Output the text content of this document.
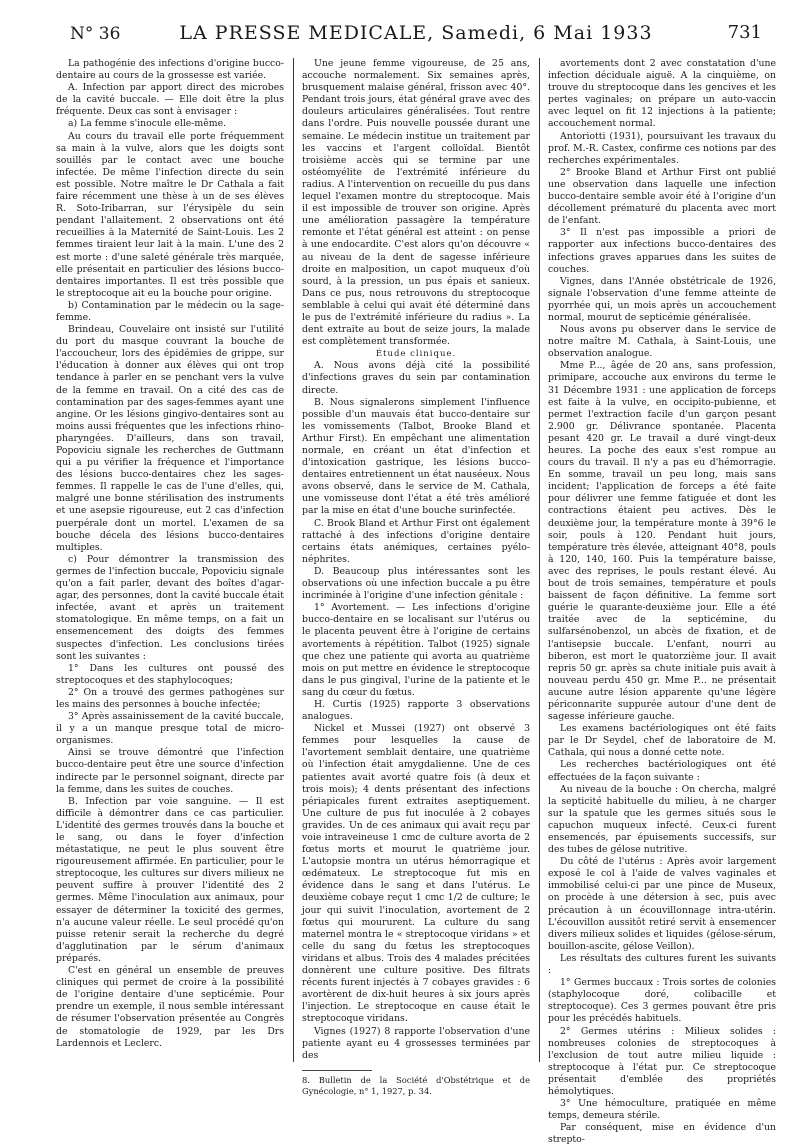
N° 36	LA PRESSE MEDICALE, Samedi, 6 Mai 1933	731

La pathogénie des infections d'origine bucco-dentaire au cours de la grossesse est variée.

A. Infection par apport direct des microbes de la cavité buccale. — Elle doit être la plus fréquente. Deux cas sont à envisager :

a) La femme s'inocule elle-même.

Au cours du travail elle porte fréquemment sa main à la vulve, alors que les doigts sont souillés par le contact avec une bouche infectée. De même l'infection directe du sein est possible. Notre maître le Dr Cathala a fait faire récemment une thèse à un de ses élèves R. Soto-Iribarran, sur l'érysipèle du sein pendant l'allaitement. 2 observations ont été recueillies à la Maternité de Saint-Louis. Les 2 femmes tiraient leur lait à la main. L'une des 2 est morte : d'une saleté générale très marquée, elle présentait en particulier des lésions bucco-dentaires importantes. Il est très possible que le streptocoque ait eu la bouche pour origine.

b) Contamination par le médecin ou la sage-femme.

Brindeau, Couvelaire ont insisté sur l'utilité du port du masque couvrant la bouche de l'accoucheur, lors des épidémies de grippe, sur l'éducation à donner aux élèves qui ont trop tendance à parler en se penchant vers la vulve de la femme en travail. On a cité des cas de contamination par des sages-femmes ayant une angine. Or les lésions gingivo-dentaires sont au moins aussi fréquentes que les infections rhino-pharyngées. D'ailleurs, dans son travail, Popoviciu signale les recherches de Guttmann qui a pu vérifier la fréquence et l'importance des lésions bucco-dentaires chez les sages-femmes. Il rappelle le cas de l'une d'elles, qui, malgré une bonne stérilisation des instruments et une asepsie rigoureuse, eut 2 cas d'infection puerpérale dont un mortel. L'examen de sa bouche décela des lésions bucco-dentaires multiples.

c) Pour démontrer la transmission des germes de l'infection buccale, Popoviciu signale qu'on a fait parler, devant des boîtes d'agar-agar, des personnes, dont la cavité buccale était infectée, avant et après un traitement stomatologique. En même temps, on a fait un ensemencement des doigts des femmes suspectes d'infection. Les conclusions tirées sont les suivantes :

1° Dans les cultures ont poussé des streptocoques et des staphylocoques;

2° On a trouvé des germes pathogènes sur les mains des personnes à bouche infectée;

3° Après assainissement de la cavité buccale, il y a un manque presque total de micro-organismes.

Ainsi se trouve démontré que l'infection bucco-dentaire peut être une source d'infection indirecte par le personnel soignant, directe par la femme, dans les suites de couches.

B. Infection par voie sanguine. — Il est difficile à démontrer dans ce cas particulier. L'identité des germes trouvés dans la bouche et le sang, ou dans le foyer d'infection métastatique, ne peut le plus souvent être rigoureusement affirmée. En particulier, pour le streptocoque, les cultures sur divers milieux ne peuvent suffire à prouver l'identité des 2 germes. Même l'inoculation aux animaux, pour essayer de déterminer la toxicité des germes, n'a aucune valeur réelle. Le seul procédé qu'on puisse retenir serait la recherche du degré d'agglutination par le sérum d'animaux préparés.

C'est en général un ensemble de preuves cliniques qui permet de croire à la possibilité de l'origine dentaire d'une septicémie. Pour prendre un exemple, il nous semble intéressant de résumer l'observation présentée au Congrès de stomatologie de 1929, par les Drs Lardennois et Leclerc.

Une jeune femme vigoureuse, de 25 ans, accouche normalement. Six semaines après, brusquement malaise général, frisson avec 40°. Pendant trois jours, état général grave avec des douleurs articulaires généralisées. Tout rentre dans l'ordre. Puis nouvelle poussée durant une semaine. Le médecin institue un traitement par les vaccins et l'argent colloïdal. Bientôt troisième accès qui se termine par une ostéomyélite de l'extrémité inférieure du radius. A l'intervention on recueille du pus dans lequel l'examen montre du streptocoque. Mais il est impossible de trouver son origine. Après une amélioration passagère la température remonte et l'état général est atteint : on pense à une endocardite. C'est alors qu'on découvre « au niveau de la dent de sagesse inférieure droite en malposition, un capot muqueux d'où sourd, à la pression, un pus épais et sanieux. Dans ce pus, nous retrouvons du streptocoque semblable à celui qui avait été déterminé dans le pus de l'extrémité inférieure du radius ». La dent extraite au bout de seize jours, la malade est complètement transformée.

Étude clinique.

A. Nous avons déjà cité la possibilité d'infections graves du sein par contamination directe.

B. Nous signalerons simplement l'influence possible d'un mauvais état bucco-dentaire sur les vomissements (Talbot, Brooke Bland et Arthur First). En empêchant une alimentation normale, en créant un état d'infection et d'intoxication gastrique, les lésions bucco-dentaires entretiennent un état nauséeux. Nous avons observé, dans le service de M. Cathala, une vomisseuse dont l'état a été très amélioré par la mise en état d'une bouche surinfectée.

C. Brook Bland et Arthur First ont également rattaché à des infections d'origine dentaire certains états anémiques, certaines pyélo-néphrites.

D. Beaucoup plus intéressantes sont les observations où une infection buccale a pu être incriminée à l'origine d'une infection génitale :

1° Avortement. — Les infections d'origine bucco-dentaire en se localisant sur l'utérus ou le placenta peuvent être à l'origine de certains avortements à répétition. Talbot (1925) signale que chez une patiente qui avorta au quatrième mois on put mettre en évidence le streptocoque dans le pus gingival, l'urine de la patiente et le sang du cœur du fœtus.

H. Curtis (1925) rapporte 3 observations analogues.

Nickel et Mussei (1927) ont observé 3 femmes pour lesquelles la cause de l'avortement semblait dentaire, une quatrième où l'infection était amygdalienne. Une de ces patientes avait avorté quatre fois (à deux et trois mois); 4 dents présentant des infections périapicales furent extraites aseptiquement. Une culture de pus fut inoculée à 2 cobayes gravides. Un de ces animaux qui avait reçu par voie intraveineuse 1 cmc de culture avorta de 2 fœtus morts et mourut le quatrième jour. L'autopsie montra un utérus hémorragique et œdémateux. Le streptocoque fut mis en évidence dans le sang et dans l'utérus. Le deuxième cobaye reçut 1 cmc 1/2 de culture; le jour qui suivit l'inoculation, avortement de 2 fœtus qui moururent. La culture du sang maternel montra le « streptocoque viridans » et celle du sang du fœtus les streptocoques viridans et albus. Trois des 4 malades précitées donnèrent une culture positive. Des filtrats récents furent injectés à 7 cobayes gravides : 6 avortèrent de dix-huit heures à six jours après l'injection. Le streptocoque en cause était le streptocoque viridans.

Vignes (1927) 8 rapporte l'observation d'une patiente ayant eu 4 grossesses terminées par des

8. Bulletin de la Société d'Obstétrique et de Gynécologie, n° 1, 1927, p. 34.

avortements dont 2 avec constatation d'une infection déciduale aiguë. A la cinquième, on trouve du streptocoque dans les gencives et les pertes vaginales; on prépare un auto-vaccin avec lequel on fit 12 injections à la patiente; accouchement normal.

Antoriotti (1931), poursuivant les travaux du prof. M.-R. Castex, confirme ces notions par des recherches expérimentales.

2° Brooke Bland et Arthur First ont publié une observation dans laquelle une infection bucco-dentaire semble avoir été à l'origine d'un décollement prématuré du placenta avec mort de l'enfant.

3° Il n'est pas impossible a priori de rapporter aux infections bucco-dentaires des infections graves apparues dans les suites de couches.

Vignes, dans l'Année obstétricale de 1926, signale l'observation d'une femme atteinte de pyorrhée qui, un mois après un accouchement normal, mourut de septicémie généralisée.

Nous avons pu observer dans le service de notre maître M. Cathala, à Saint-Louis, une observation analogue.

Mme P..., âgée de 20 ans, sans profession, primipare, accouche aux environs du terme le 31 Décembre 1931 : une application de forceps est faite à la vulve, en occipito-pubienne, et permet l'extraction facile d'un garçon pesant 2.900 gr. Délivrance spontanée. Placenta pesant 420 gr. Le travail a duré vingt-deux heures. La poche des eaux s'est rompue au cours du travail. Il n'y a pas eu d'hémorragie. En somme, travail un peu long, mais sans incident; l'application de forceps a été faite pour délivrer une femme fatiguée et dont les contractions étaient peu actives. Dès le deuxième jour, la température monte à 39°6 le soir, pouls à 120. Pendant huit jours, température très élevée, atteignant 40°8, pouls à 120, 140, 160. Puis la température baisse, avec des reprises, le pouls restant élevé. Au bout de trois semaines, température et pouls baissent de façon définitive. La femme sort guérie le quarante-deuxième jour. Elle a été traitée avec de la septicémine, du sulfarsénobenzol, un abcès de fixation, et de l'antisepsie buccale. L'enfant, nourri au biberon, est mort le quatorzième jour. Il avait repris 50 gr. après sa chute initiale puis avait à nouveau perdu 450 gr. Mme P... ne présentait aucune autre lésion apparente qu'une légère périconnarite suppurée autour d'une dent de sagesse inférieure gauche.

Les examens bactériologiques ont été faits par le Dr Seydel, chef de laboratoire de M. Cathala, qui nous a donné cette note.

Les recherches bactériologiques ont été effectuées de la façon suivante :

Au niveau de la bouche : On chercha, malgré la septicité habituelle du milieu, à ne charger sur la spatule que les germes situés sous le capuchon muqueux infecté. Ceux-ci furent ensemencés, par épuisements successifs, sur des tubes de gélose nutritive.

Du côté de l'utérus : Après avoir largement exposé le col à l'aide de valves vaginales et immobilisé celui-ci par une pince de Museux, on procède à une détersion à sec, puis avec précaution à un écouvillonnage intra-utérin. L'écouvillon aussitôt retiré servit à ensemencer divers milieux solides et liquides (gélose-sérum, bouillon-ascite, gélose Veillon).

Les résultats des cultures furent les suivants :

1° Germes buccaux : Trois sortes de colonies (staphylocoque doré, colibacille et streptocoque). Ces 3 germes pouvant être pris pour les précédés habituels.

2° Germes utérins : Milieux solides : nombreuses colonies de streptocoques à l'exclusion de tout autre milieu liquide : streptocoque à l'état pur. Ce streptocoque présentait d'emblée des propriétés hémolytiques.

3° Une hémoculture, pratiquée en même temps, demeura stérile.

Par conséquent, mise en évidence d'un strepto-
